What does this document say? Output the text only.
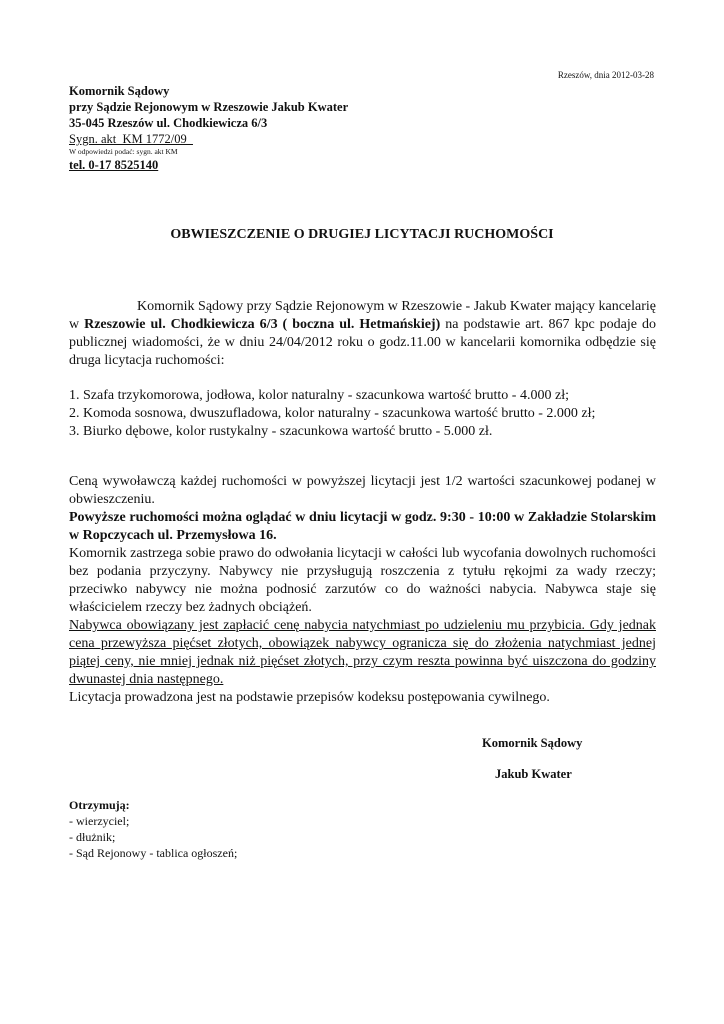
Rzeszów, dnia 2012-03-28
Komornik Sądowy
przy Sądzie Rejonowym w Rzeszowie Jakub Kwater
35-045 Rzeszów ul. Chodkiewicza 6/3
Sygn. akt  KM 1772/09
W odpowiedzi podać: sygn. akt KM
tel. 0-17 8525140
OBWIESZCZENIE O DRUGIEJ LICYTACJI RUCHOMOŚCI

Komornik Sądowy przy Sądzie Rejonowym w Rzeszowie - Jakub Kwater mający kancelarię w Rzeszowie ul. Chodkiewicza 6/3 ( boczna ul. Hetmańskiej) na podstawie art. 867 kpc podaje do publicznej wiadomości, że w dniu 24/04/2012 roku o godz.11.00 w kancelarii komornika odbędzie się druga licytacja ruchomości:

1. Szafa trzykomorowa, jodłowa, kolor naturalny - szacunkowa wartość brutto - 4.000 zł;
2. Komoda sosnowa, dwuszufladowa, kolor naturalny - szacunkowa wartość brutto - 2.000 zł;
3. Biurko dębowe, kolor rustykalny - szacunkowa wartość brutto - 5.000 zł.
Ceną wywoławczą każdej ruchomości w powyższej licytacji jest 1/2 wartości szacunkowej podanej w obwieszczeniu.
Powyższe ruchomości można oglądać w dniu licytacji w godz. 9:30 - 10:00 w Zakładzie Stolarskim w Ropczycach ul. Przemysłowa 16.
Komornik zastrzega sobie prawo do odwołania licytacji w całości lub wycofania dowolnych ruchomości bez podania przyczyny. Nabywcy nie przysługują roszczenia z tytułu rękojmi za wady rzeczy; przeciwko nabywcy nie można podnosić zarzutów co do ważności nabycia. Nabywca staje się właścicielem rzeczy bez żadnych obciążeń.
Nabywca obowiązany jest zapłacić cenę nabycia natychmiast po udzieleniu mu przybicia. Gdy jednak cena przewyższa pięćset złotych, obowiązek nabywcy ogranicza się do złożenia natychmiast jednej piątej ceny, nie mniej jednak niż pięćset złotych, przy czym reszta powinna być uiszczona do godziny dwunastej dnia następnego.
Licytacja prowadzona jest na podstawie przepisów kodeksu postępowania cywilnego.
Komornik Sądowy
Jakub Kwater
Otrzymują:
- wierzyciel;
- dłużnik;
- Sąd Rejonowy - tablica ogłoszeń;
